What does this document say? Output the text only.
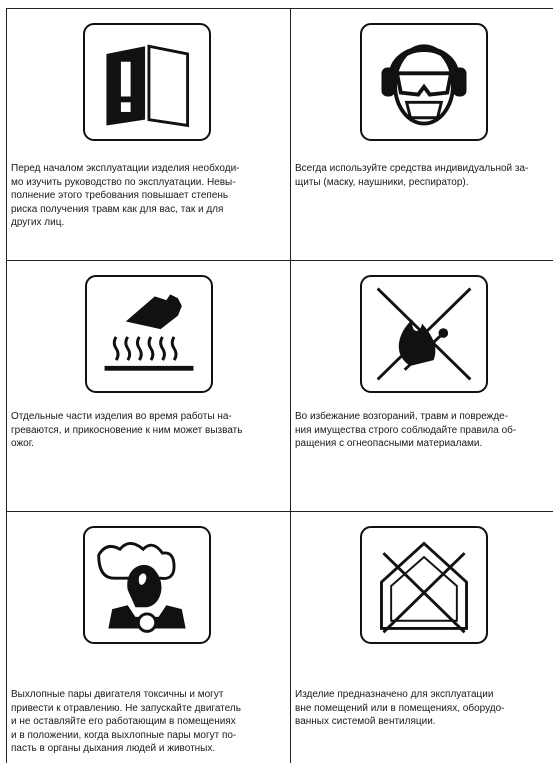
Перед началом эксплуатации изделия необходи-
мо изучить руководство по эксплуатации. Невы-
полнение этого требования повышает степень
риска получения травм как для вас, так и для
других лиц.
Всегда используйте средства индивидуальной за-
щиты (маску, наушники, респиратор).
Отдельные части изделия во время работы на-
греваются, и прикосновение к ним может вызвать
ожог.
Во избежание возгораний, травм и поврежде-
ния имущества строго соблюдайте правила об-
ращения с огнеопасными материалами.
Выхлопные пары двигателя токсичны и могут
привести к отравлению. Не запускайте двигатель
и не оставляйте его работающим в помещениях
и в положении, когда выхлопные пары могут по-
пасть в органы дыхания людей и животных.
Изделие предназначено для эксплуатации
вне помещений или в помещениях, оборудо-
ванных системой вентиляции.
